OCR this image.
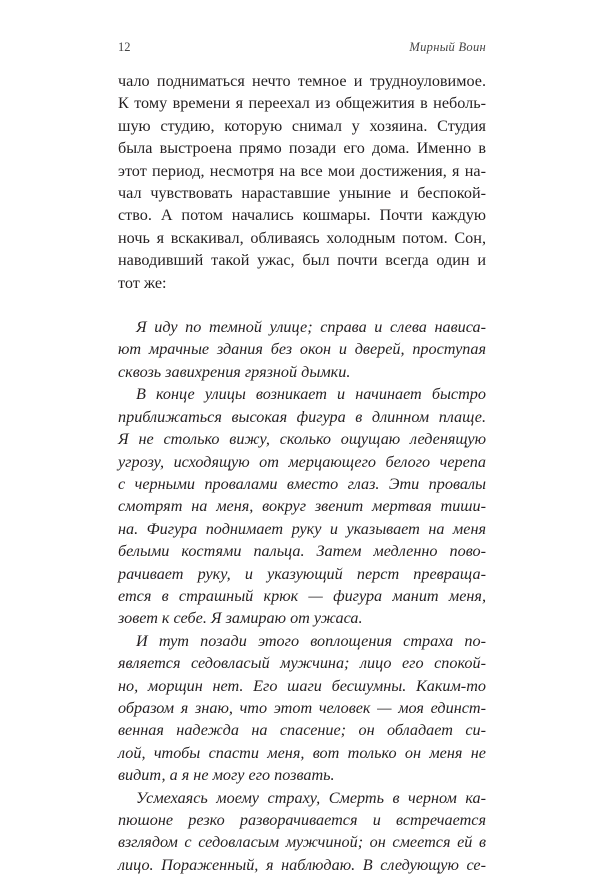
12	Мирный Воин
чало подниматься нечто темное и трудноуловимое.
К тому времени я переехал из общежития в неболь-
шую студию, которую снимал у хозяина. Студия
была выстроена прямо позади его дома. Именно в
этот период, несмотря на все мои достижения, я на-
чал чувствовать нараставшие уныние и беспокой-
ство. А потом начались кошмары. Почти каждую
ночь я вскакивал, обливаясь холодным потом. Сон,
наводивший такой ужас, был почти всегда один и
тот же:
Я иду по темной улице; справа и слева нависа-
ют мрачные здания без окон и дверей, проступая
сквозь завихрения грязной дымки.
В конце улицы возникает и начинает быстро
приближаться высокая фигура в длинном плаще.
Я не столько вижу, сколько ощущаю леденящую
угрозу, исходящую от мерцающего белого черепа
с черными провалами вместо глаз. Эти провалы
смотрят на меня, вокруг звенит мертвая тиши-
на. Фигура поднимает руку и указывает на меня
белыми костями пальца. Затем медленно пово-
рачивает руку, и указующий перст превраща-
ется в страшный крюк — фигура манит меня,
зовет к себе. Я замираю от ужаса.
И тут позади этого воплощения страха по-
является седовласый мужчина; лицо его спокой-
но, морщин нет. Его шаги бесшумны. Каким-то
образом я знаю, что этот человек — моя единст-
венная надежда на спасение; он обладает си-
лой, чтобы спасти меня, вот только он меня не
видит, а я не могу его позвать.
Усмехаясь моему страху, Смерть в черном ка-
пюшоне резко разворачивается и встречается
взглядом с седовласым мужчиной; он смеется ей в
лицо. Пораженный, я наблюдаю. В следующую се-
